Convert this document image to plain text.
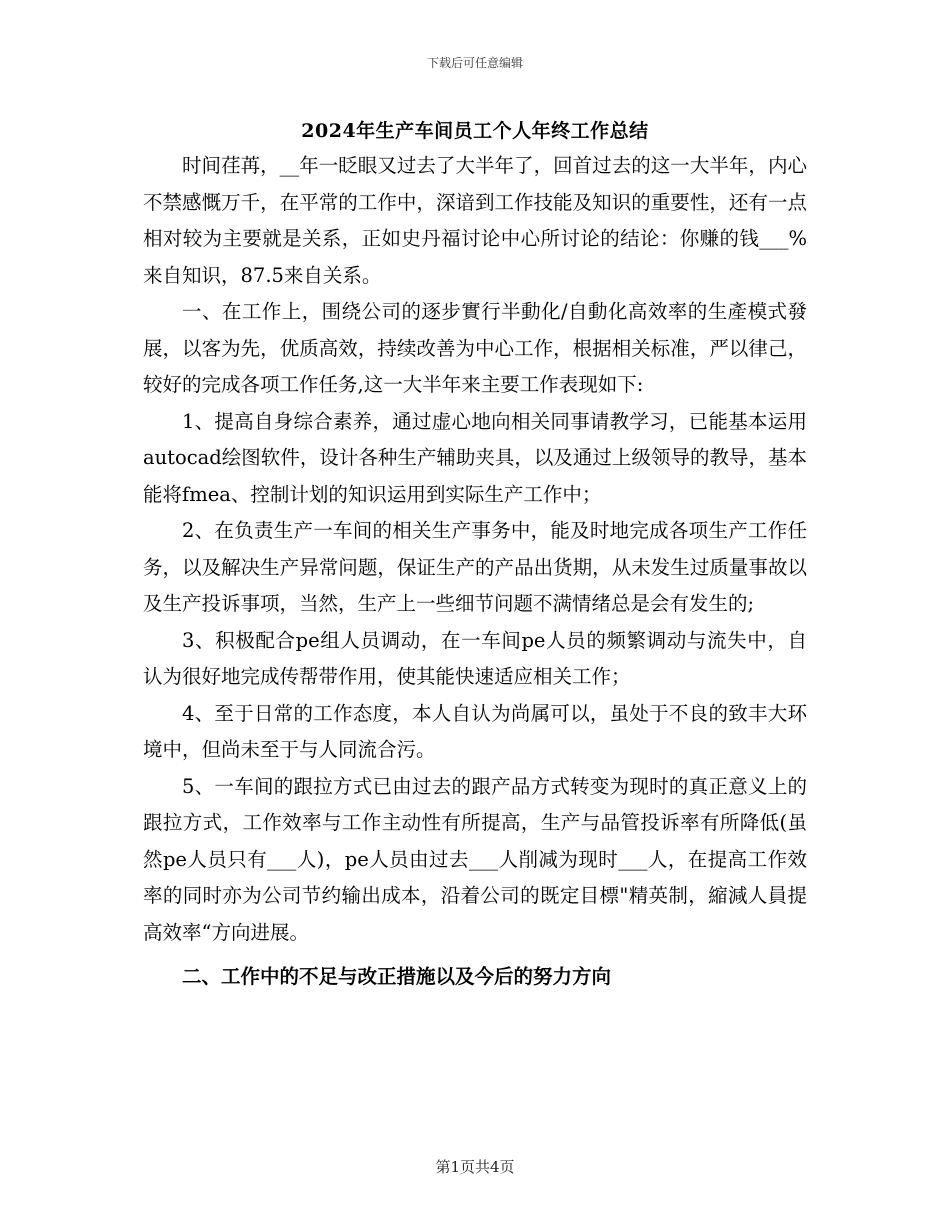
下载后可任意编辑
2024年生产车间员工个人年终工作总结

时间荏苒，__年一眨眼又过去了大半年了，回首过去的这一大半年，内心不禁感慨万千，在平常的工作中，深谙到工作技能及知识的重要性，还有一点相对较为主要就是关系，正如史丹福讨论中心所讨论的结论：你赚的钱___%来自知识，87.5来自关系。

一、在工作上，围绕公司的逐步實行半動化/自動化高效率的生產模式發展，以客为先，优质高效，持续改善为中心工作，根据相关标准，严以律己，较好的完成各项工作任务,这一大半年来主要工作表现如下:

1、提高自身综合素养，通过虚心地向相关同事请教学习，已能基本运用autocad绘图软件，设计各种生产辅助夹具，以及通过上级领导的教导，基本能将fmea、控制计划的知识运用到实际生产工作中；

2、在负责生产一车间的相关生产事务中，能及时地完成各项生产工作任务，以及解决生产异常问题，保证生产的产品出货期，从未发生过质量事故以及生产投诉事项，当然，生产上一些细节问题不满情绪总是会有发生的;

3、积极配合pe组人员调动，在一车间pe人员的频繁调动与流失中，自认为很好地完成传帮带作用，使其能快速适应相关工作；

4、至于日常的工作态度，本人自认为尚属可以，虽处于不良的致丰大环境中，但尚未至于与人同流合污。

5、一车间的跟拉方式已由过去的跟产品方式转变为现时的真正意义上的跟拉方式，工作效率与工作主动性有所提高，生产与品管投诉率有所降低(虽然pe人员只有___人)，pe人员由过去___人削减为现时___人，在提高工作效率的同时亦为公司节约输出成本，沿着公司的既定目標"精英制，縮減人員提高效率“方向进展。

二、工作中的不足与改正措施以及今后的努力方向

第1页共4页
